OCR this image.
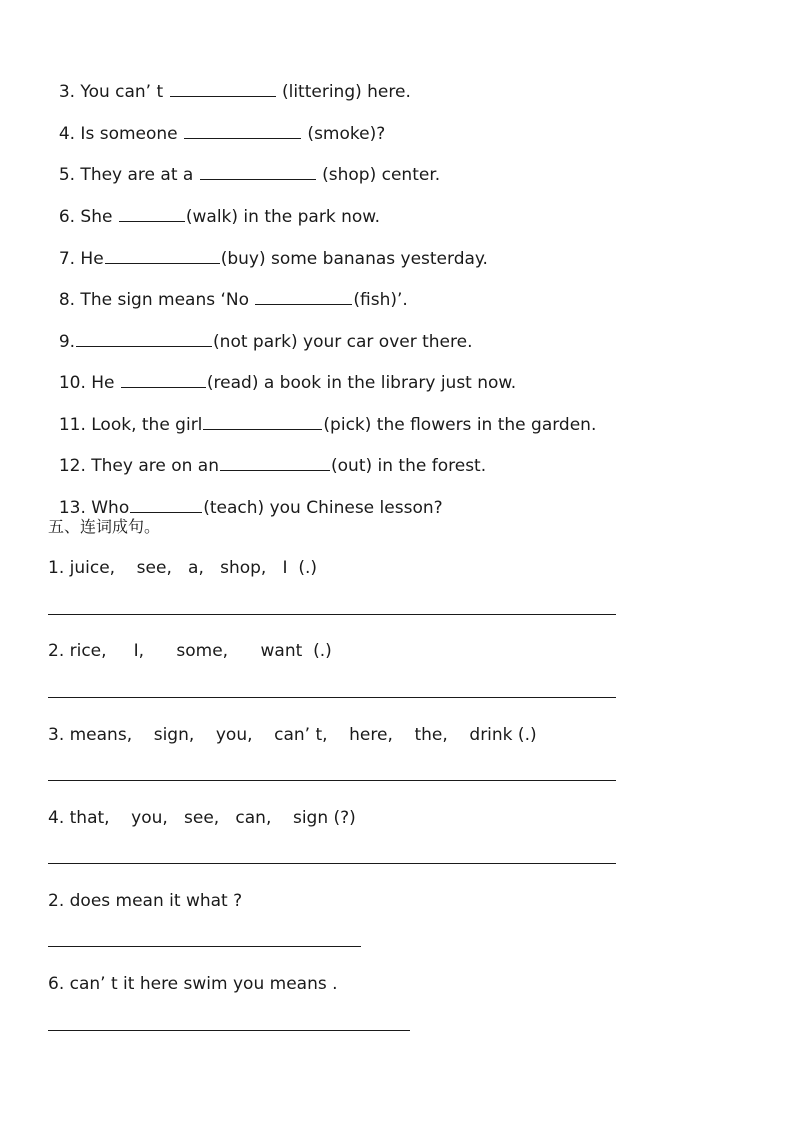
3. You can’ t	(littering) here.

4. Is someone	(smoke)?

5. They are at a	(shop) center.

6. She	(walk) in the park now.

7. He	(buy) some bananas yesterday.

8. The sign means ‘No	(fish)’.

9.	(not park) your car over there.

10. He	(read) a book in the library just now.

11. Look, the girl	(pick) the flowers in the garden.

12. They are on an	(out) in the forest.

13. Who	(teach) you Chinese lesson?

五、连词成句。
1. juice,    see,   a,   shop,   I  (.)
2. rice,     I,      some,      want  (.)
3. means,    sign,    you,    can’ t,    here,    the,    drink (.)
4. that,    you,   see,   can,    sign (?)
2. does mean it what ?
6. can’ t it here swim you means .
